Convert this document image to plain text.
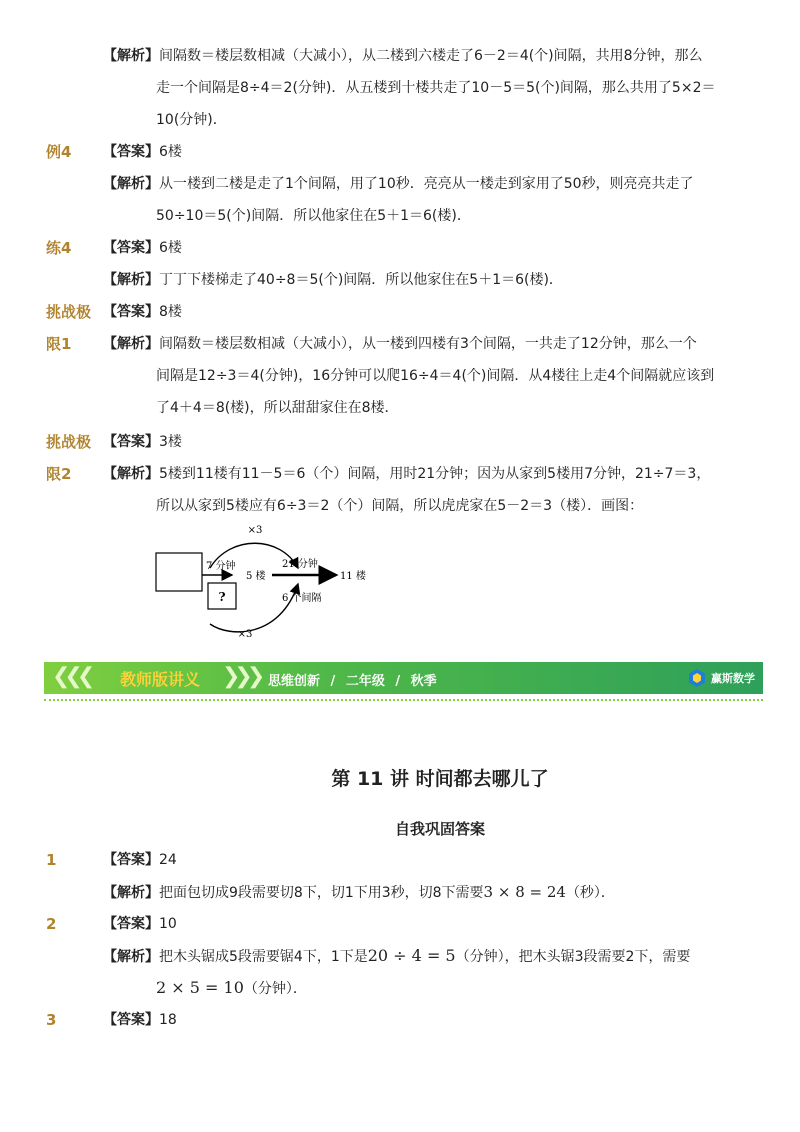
【解析】间隔数＝楼层数相减（大减小），从二楼到六楼走了6－2＝4(个)间隔，共用8分钟，那么
走一个间隔是8÷4＝2(分钟)．从五楼到十楼共走了10－5＝5(个)间隔，那么共用了5×2＝
10(分钟)．
例4 【答案】6楼
【解析】从一楼到二楼是走了1个间隔，用了10秒．亮亮从一楼走到家用了50秒，则亮亮共走了
50÷10＝5(个)间隔．所以他家住在5＋1＝6(楼)．
练4 【答案】6楼
【解析】丁丁下楼梯走了40÷8＝5(个)间隔．所以他家住在5＋1＝6(楼)．
挑战极
限1
【答案】8楼
【解析】间隔数＝楼层数相减（大减小），从一楼到四楼有3个间隔，一共走了12分钟，那么一个
间隔是12÷3＝4(分钟)，16分钟可以爬16÷4＝4(个)间隔．从4楼往上走4个间隔就应该到
了4＋4＝8(楼)，所以甜甜家住在8楼．
挑战极
限2
【答案】3楼
【解析】5楼到11楼有11－5＝6（个）间隔，用时21分钟；因为从家到5楼用7分钟，21÷7＝3，
所以从家到5楼应有6÷3＝2（个）间隔，所以虎虎家在5－2＝3（楼）．画图：
?
×3
7 分钟
5 楼
21 分钟
11 楼
6 个间隔
×3
❮❮❮ 教师版讲义 ❯❯❯ 思维创新 / 二年级 / 秋季	赢斯数学
第 11 讲 时间都去哪儿了
自我巩固答案
1	【答案】24
【解析】把面包切成9段需要切8下，切1下用3秒，切8下需要3 × 8 = 24（秒）．
2	【答案】10
【解析】把木头锯成5段需要锯4下，1下是20 ÷ 4 = 5（分钟），把木头锯3段需要2下，需要
2 × 5 = 10（分钟）．
3	【答案】18
